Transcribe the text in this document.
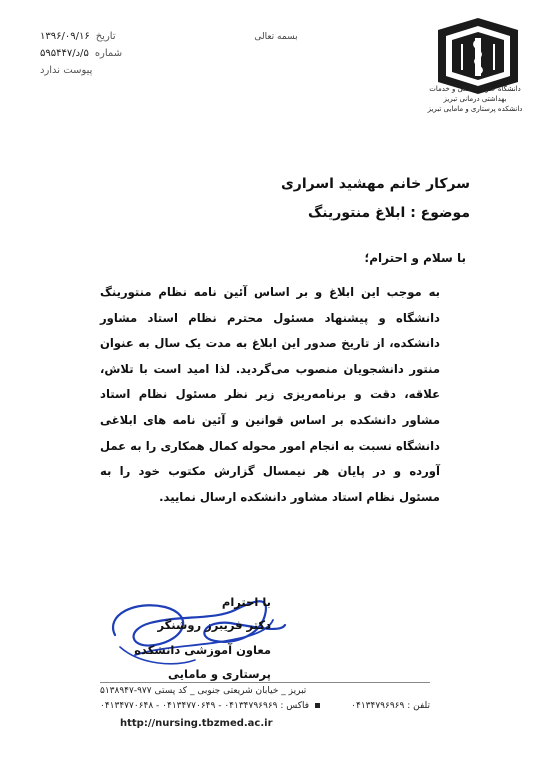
تاریخ
۱۳۹۶/۰۹/۱۶
شماره
۵/د/۵۹۵۴۴۷
پیوست ندارد
بسمه تعالی
دانشگاه علوم پزشکی و خدمات بهداشتی درمانی تبریز
دانشکده پرستاری و مامایی تبریز
سرکار خانم مهشید اسراری
موضوع : ابلاغ منتورینگ
با سلام و احترام؛
به موجب این ابلاغ و بر اساس آئین نامه نظام منتورینگ دانشگاه و پیشنهاد مسئول محترم نظام استاد مشاور دانشکده، از تاریخ صدور این ابلاغ به مدت یک سال به عنوان منتور دانشجویان منصوب می‌گردید. لذا امید است با تلاش، علاقه، دقت و برنامه‌ریزی زیر نظر مسئول نظام استاد مشاور دانشکده بر اساس قوانین و آئین نامه های ابلاغی دانشگاه نسبت به انجام امور محوله کمال همکاری را به عمل آورده و در پایان هر نیمسال گزارش مکتوب خود را به مسئول نظام استاد مشاور دانشکده ارسال نمایید.
با احترام
دکتر فریبرز روشنگر
معاون آموزشی دانشکده
پرستاری و مامایی
تبریز _ خیابان شریعتی جنوبی _ کد پستی ۹۷۷-۵۱۳۸۹۴۷
فاکس : ۰۴۱۳۴۷۹۶۹۶۹ - ۰۴۱۳۴۷۷۰۶۴۹ - ۰۴۱۳۴۷۷۰۶۴۸	تلفن : ۰۴۱۳۴۷۹۶۹۶۹
http://nursing.tbzmed.ac.ir
